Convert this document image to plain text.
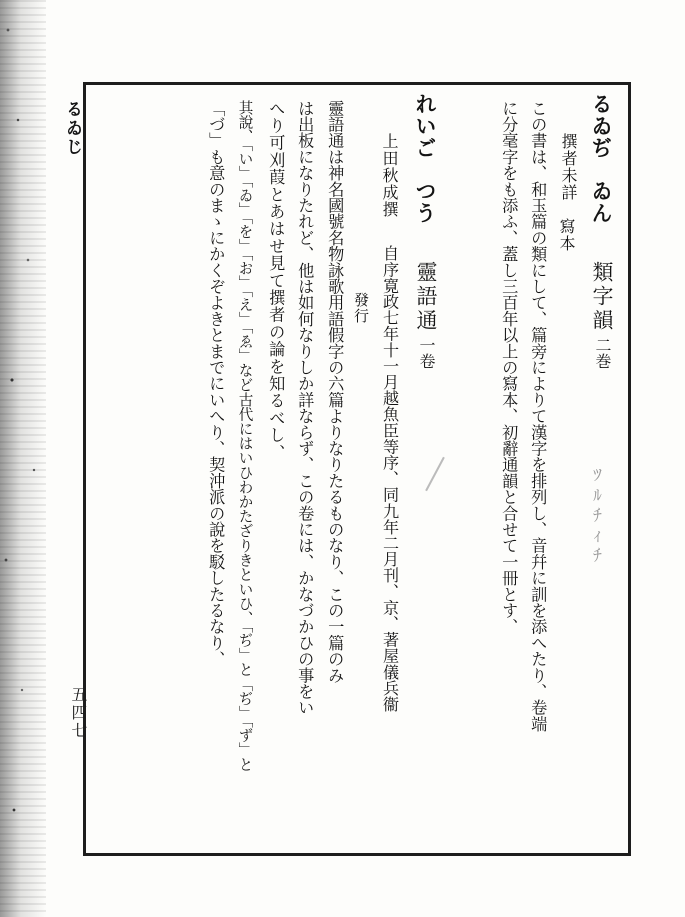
るゐじ
五四七
るゐぢ
ゐん
類字韻
二巻
撰者未詳
寫本
この書は、和玉篇の類にして、篇旁によりて漢字を排列し、音幷に訓を添へたり、卷端
に分毫字をも添ふ、蓋し三百年以上の寫本、初辭通韻と合せて一冊とす、
れいご
つう
靈語通
一卷
上田秋成撰
自序寛政七年十一月越魚臣等序、同九年二月刊、京、著屋儀兵衞
發行
靈語通は神名國號名物詠歌用語假字の六篇よりなりたるものなり、この一篇のみ
は出板になりたれど、他は如何なりしか詳ならず、この卷には、かなづかひの事をい
へり可刈葭とあはせ見て撰者の論を知るべし、
其說、「い」「ゐ」「を」「お」「え」「ゑ」など古代にはいひわかたざりきといひ、「ぢ」と「ぢ」「ず」と
「づ」も意のまゝにかくぞよきとまでにいへり、契沖派の說を駁したるなり、	ﾂﾙﾁｨﾁ
